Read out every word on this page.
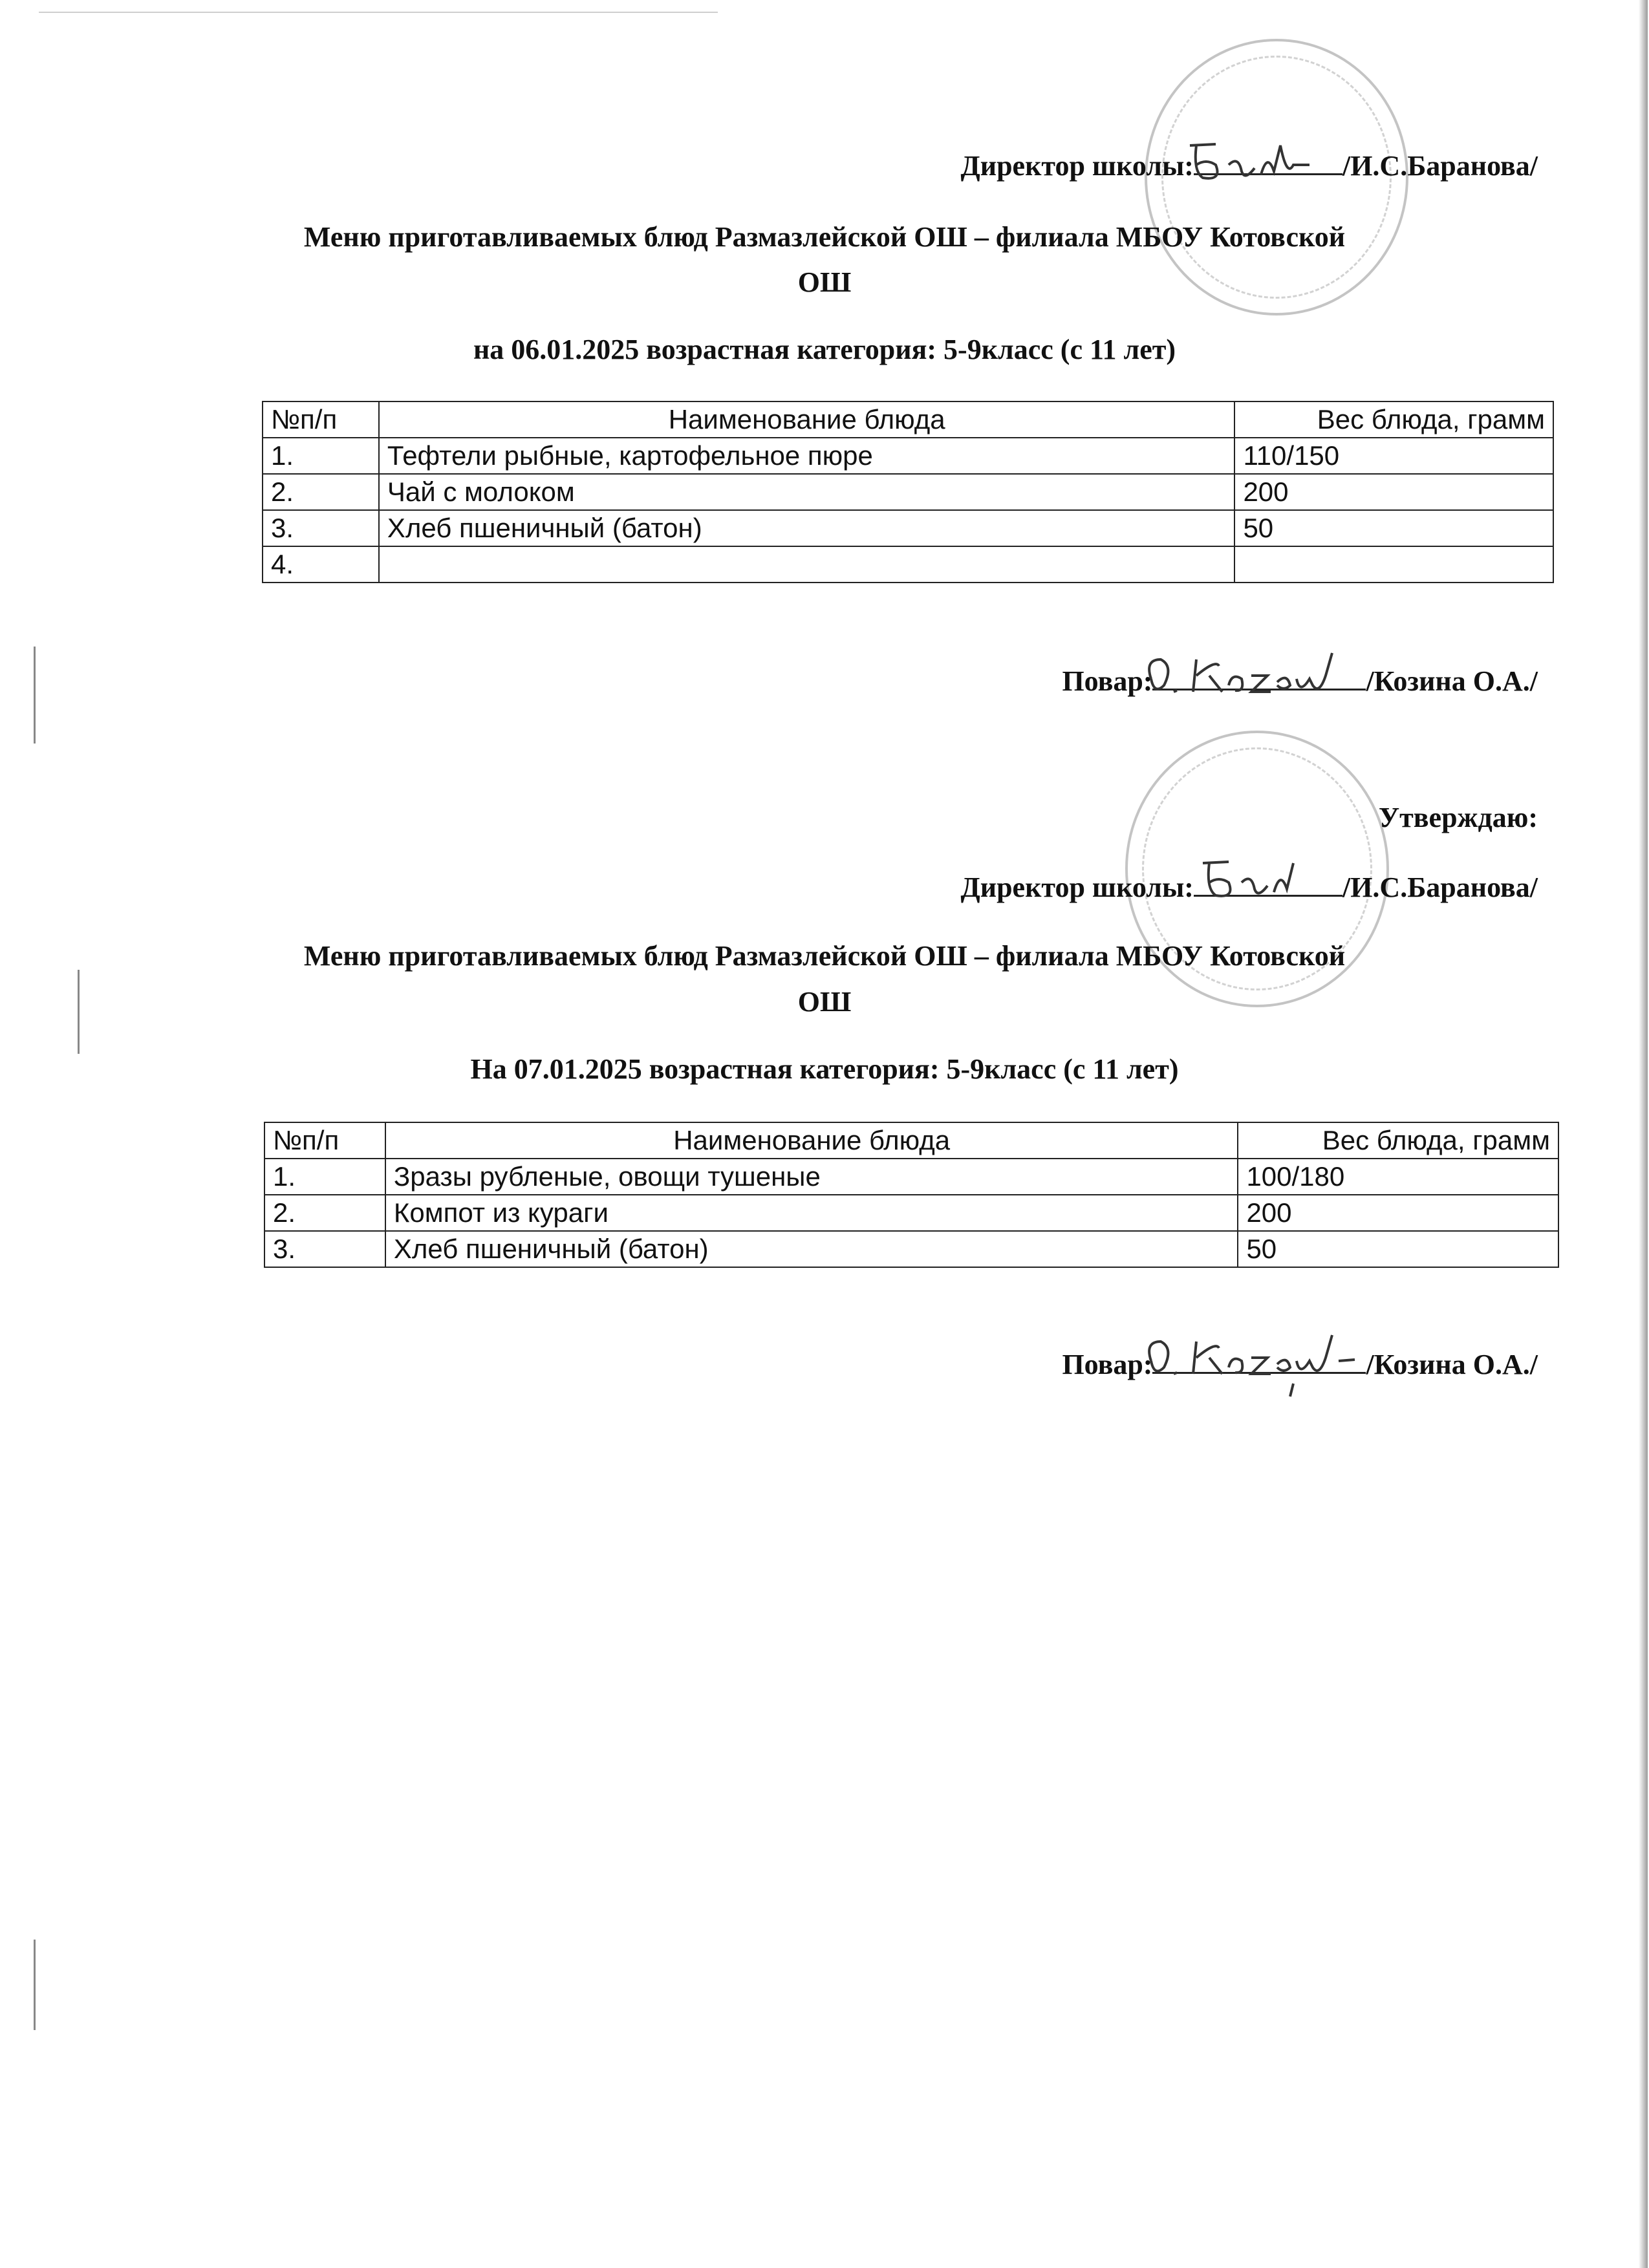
Директор школы:	/И.С.Баранова/
Меню приготавливаемых блюд Размазлейской ОШ – филиала МБОУ Котовской
ОШ
на 06.01.2025 возрастная категория: 5-9класс (с 11 лет)
№п/п	Наименование блюда	Вес блюда, грамм
1.	Тефтели рыбные, картофельное пюре	110/150
2.	Чай с молоком	200
3.	Хлеб пшеничный (батон)	50
4.		
Повар:	/Козина О.А./
Утверждаю:
Директор школы:	/И.С.Баранова/
Меню приготавливаемых блюд Размазлейской ОШ – филиала МБОУ Котовской
ОШ
На 07.01.2025 возрастная категория: 5-9класс (с 11 лет)
№п/п	Наименование блюда	Вес блюда, грамм
1.	Зразы рубленые, овощи тушеные	100/180
2.	Компот из кураги	200
3.	Хлеб пшеничный (батон)	50
Повар:	/Козина О.А./
